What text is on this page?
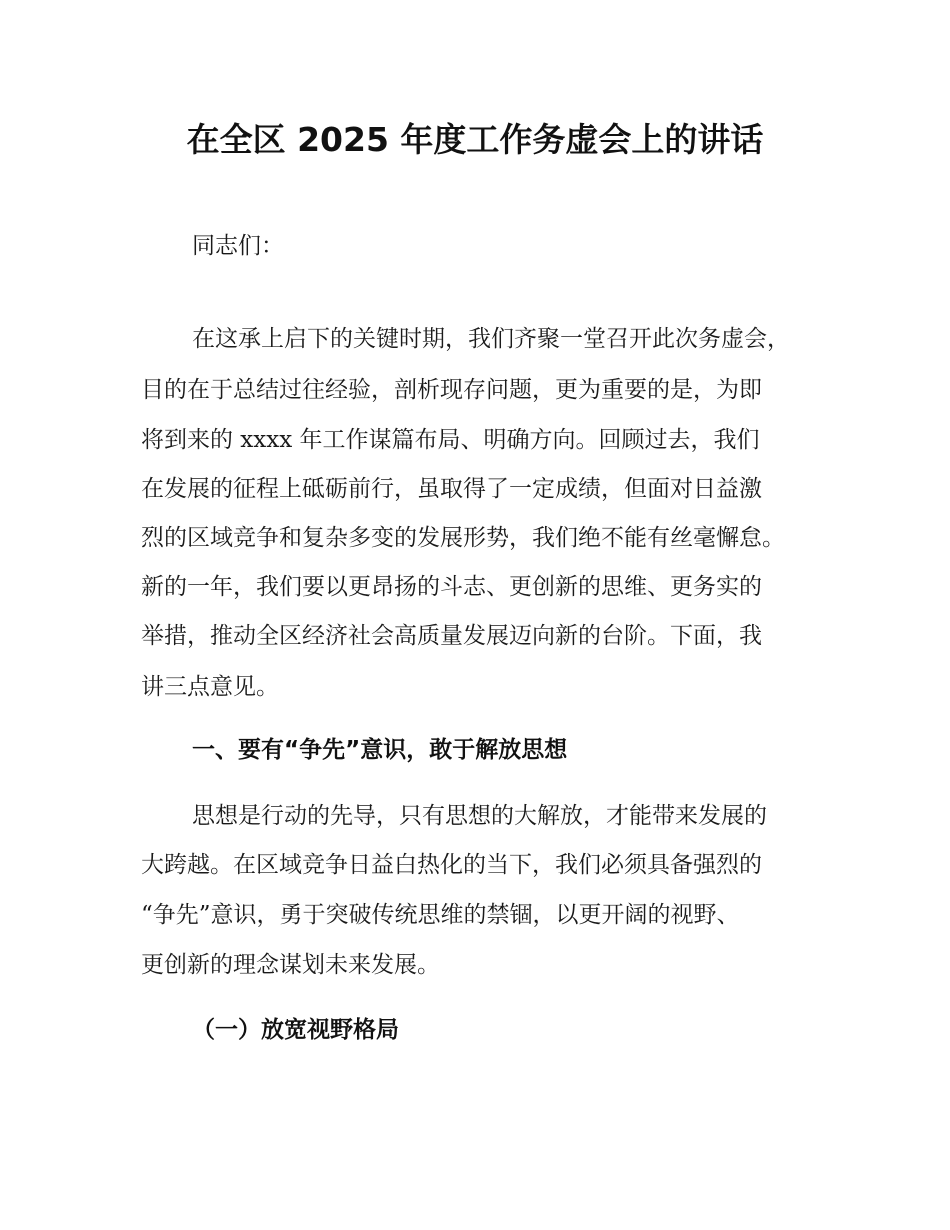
在全区 2025 年度工作务虚会上的讲话
同志们：
在这承上启下的关键时期，我们齐聚一堂召开此次务虚会，
目的在于总结过往经验，剖析现存问题，更为重要的是，为即
将到来的 xxxx 年工作谋篇布局、明确方向。回顾过去，我们
在发展的征程上砥砺前行，虽取得了一定成绩，但面对日益激
烈的区域竞争和复杂多变的发展形势，我们绝不能有丝毫懈怠。
新的一年，我们要以更昂扬的斗志、更创新的思维、更务实的
举措，推动全区经济社会高质量发展迈向新的台阶。下面，我
讲三点意见。
一、要有“争先”意识，敢于解放思想
思想是行动的先导，只有思想的大解放，才能带来发展的
大跨越。在区域竞争日益白热化的当下，我们必须具备强烈的
“争先”意识，勇于突破传统思维的禁锢，以更开阔的视野、
更创新的理念谋划未来发展。
（一）放宽视野格局
